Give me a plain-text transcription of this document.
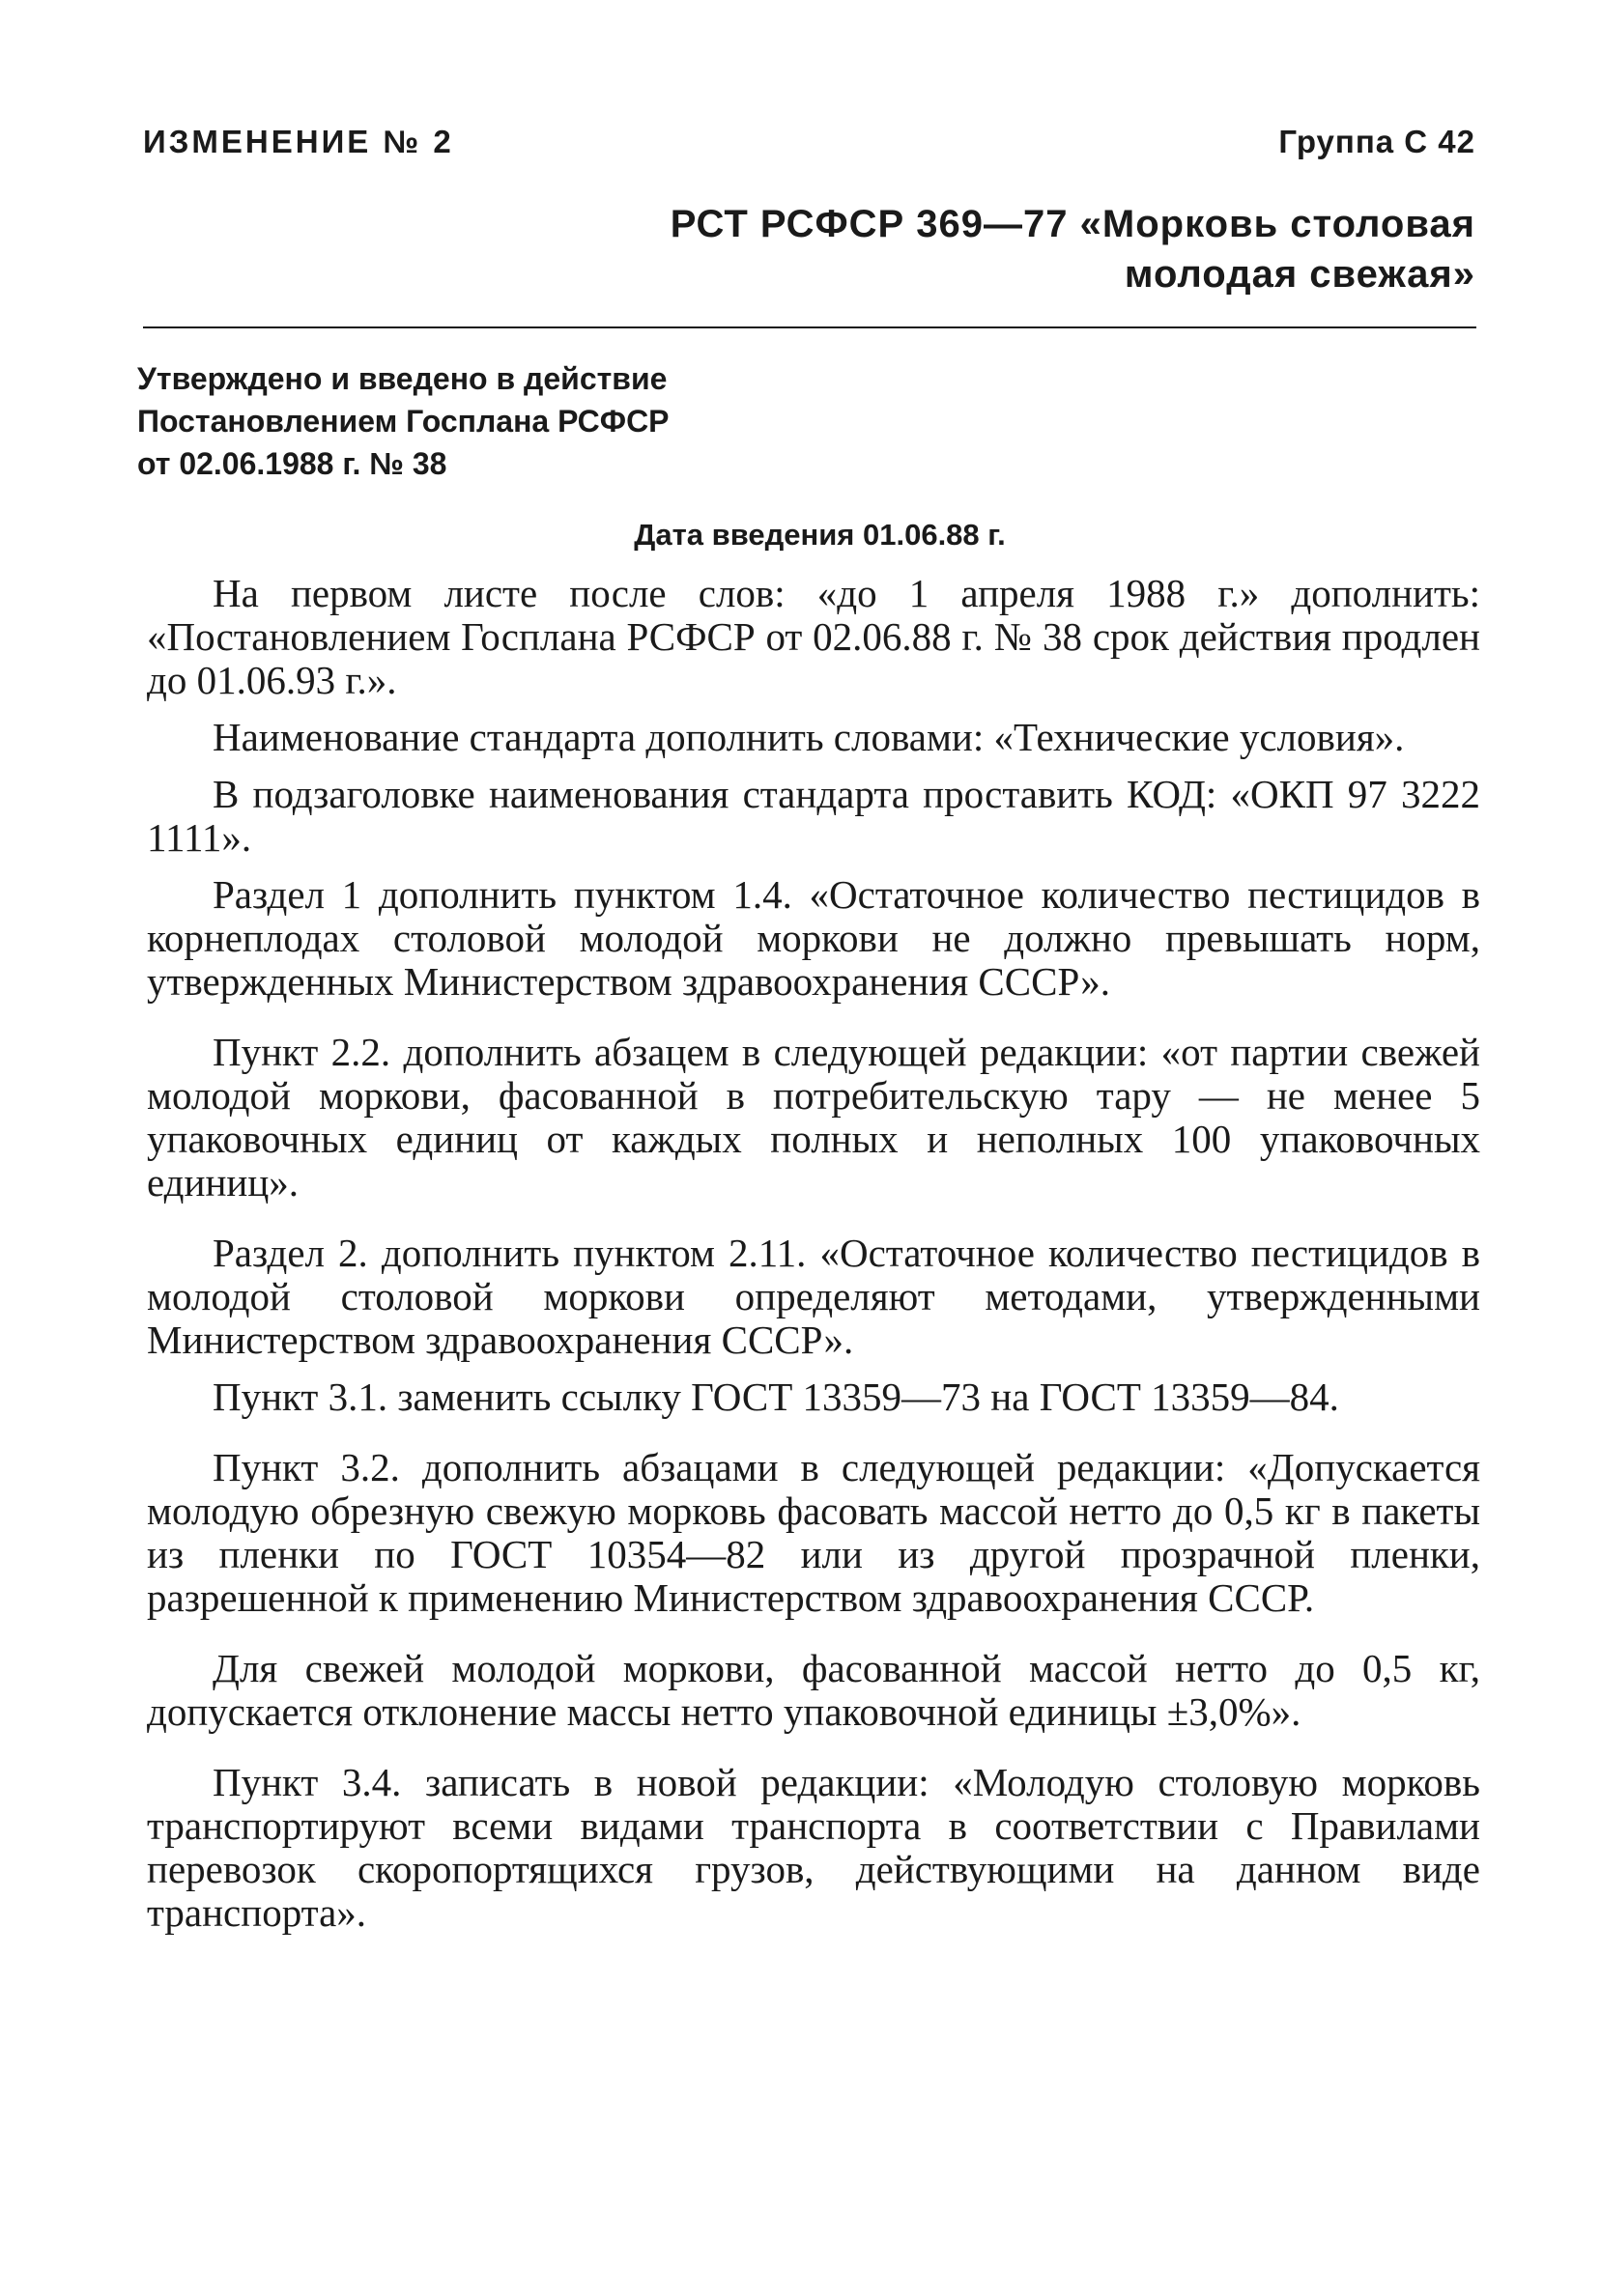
ИЗМЕНЕНИЕ № 2	Группа С 42
РСТ РСФСР 369—77 «Морковь столовая
молодая свежая»
Утверждено и введено в действие
Постановлением Госплана РСФСР
от 02.06.1988 г. № 38
Дата введения 01.06.88 г.

На первом листе после слов: «до 1 апреля 1988 г.» дополнить: «Постановлением Госплана РСФСР от 02.06.88 г. № 38 срок действия продлен до 01.06.93 г.».

Наименование стандарта дополнить словами: «Технические условия».

В подзаголовке наименования стандарта проставить КОД: «ОКП 97 3222 1111».

Раздел 1 дополнить пунктом 1.4. «Остаточное количество пестицидов в корнеплодах столовой молодой моркови не должно превышать норм, утвержденных Министерством здравоохранения СССР».

Пункт 2.2. дополнить абзацем в следующей редакции: «от партии свежей молодой моркови, фасованной в потребительскую тару — не менее 5 упаковочных единиц от каждых полных и неполных 100 упаковочных единиц».

Раздел 2. дополнить пунктом 2.11. «Остаточное количество пестицидов в молодой столовой моркови определяют методами, утвержденными Министерством здравоохранения СССР».

Пункт 3.1. заменить ссылку ГОСТ 13359—73 на ГОСТ 13359—84.

Пункт 3.2. дополнить абзацами в следующей редакции: «Допускается молодую обрезную свежую морковь фасовать массой нетто до 0,5 кг в пакеты из пленки по ГОСТ 10354—82 или из другой прозрачной пленки, разрешенной к применению Министерством здравоохранения СССР.

Для свежей молодой моркови, фасованной массой нетто до 0,5 кг, допускается отклонение массы нетто упаковочной единицы ±3,0%».

Пункт 3.4. записать в новой редакции: «Молодую столовую морковь транспортируют всеми видами транспорта в соответствии с Правилами перевозок скоропортящихся грузов, действующими на данном виде транспорта».
